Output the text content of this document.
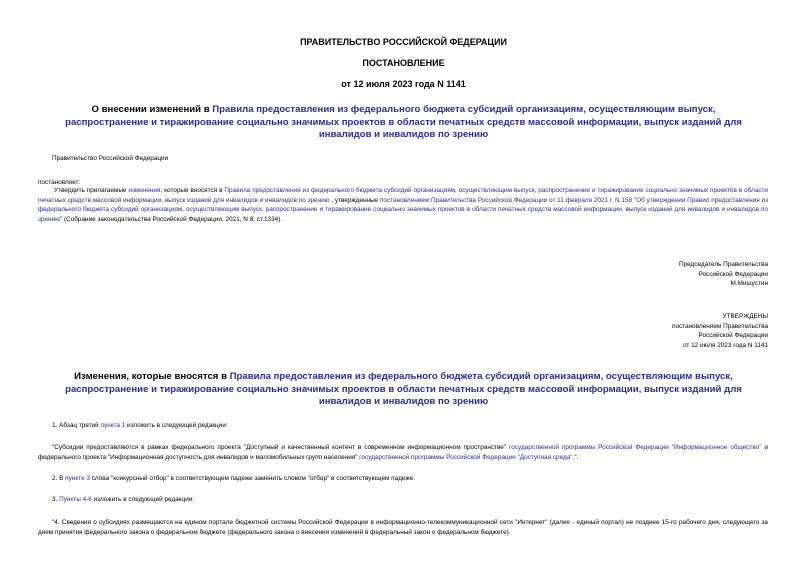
ПРАВИТЕЛЬСТВО РОССИЙСКОЙ ФЕДЕРАЦИИ
ПОСТАНОВЛЕНИЕ
от 12 июля 2023 года N 1141
О внесении изменений в Правила предоставления из федерального бюджета субсидий организациям, осуществляющим выпуск, распространение и тиражирование социально значимых проектов в области печатных средств массовой информации, выпуск изданий для инвалидов и инвалидов по зрению
Правительство Российской Федерации
постановляет:
Утвердить прилагаемые изменения, которые вносятся в Правила предоставления из федерального бюджета субсидий организациям, осуществляющим выпуск, распространение и тиражирование социально значимых проектов в области печатных средств массовой информации, выпуск изданий для инвалидов и инвалидов по зрению , утвержденные постановлением Правительства Российской Федерации от 11 февраля 2021 г. N 158 "Об утверждении Правил предоставления из федерального бюджета субсидий организациям, осуществляющим выпуск, распространение и тиражирование социально значимых проектов в области печатных средств массовой информации, выпуск изданий для инвалидов и инвалидов по зрению" (Собрание законодательства Российской Федерации, 2021, N 8, ст.1334).
Председатель Правительства
Российской Федерации
М.Мишустин
УТВЕРЖДЕНЫ
постановлением Правительства
Российской Федерации
от 12 июля 2023 года N 1141
Изменения, которые вносятся в Правила предоставления из федерального бюджета субсидий организациям, осуществляющим выпуск, распространение и тиражирование социально значимых проектов в области печатных средств массовой информации, выпуск изданий для инвалидов и инвалидов по зрению
1. Абзац третий пункта 1 изложить в следующей редакции:
"Субсидии предоставляются в рамках федерального проекта "Доступный и качественный контент в современном информационном пространстве" государственной программы Российской Федерации "Информационное общество" и федерального проекта "Информационная доступность для инвалидов и маломобильных групп населения" государственной программы Российской Федерации "Доступная среда".".
2. В пункте 3 слова "конкурсный отбор" в соответствующем падеже заменить словом "отбор" в соответствующем падеже.
3. Пункты 4-6 изложить в следующей редакции:
"4. Сведения о субсидиях размещаются на едином портале бюджетной системы Российской Федерации в информационно-телекоммуникационной сети "Интернет" (далее - единый портал) не позднее 15-го рабочего дня, следующего за днем принятия федерального закона о федеральном бюджете (федерального закона о внесении изменений в федеральный закон о федеральном бюджете).
